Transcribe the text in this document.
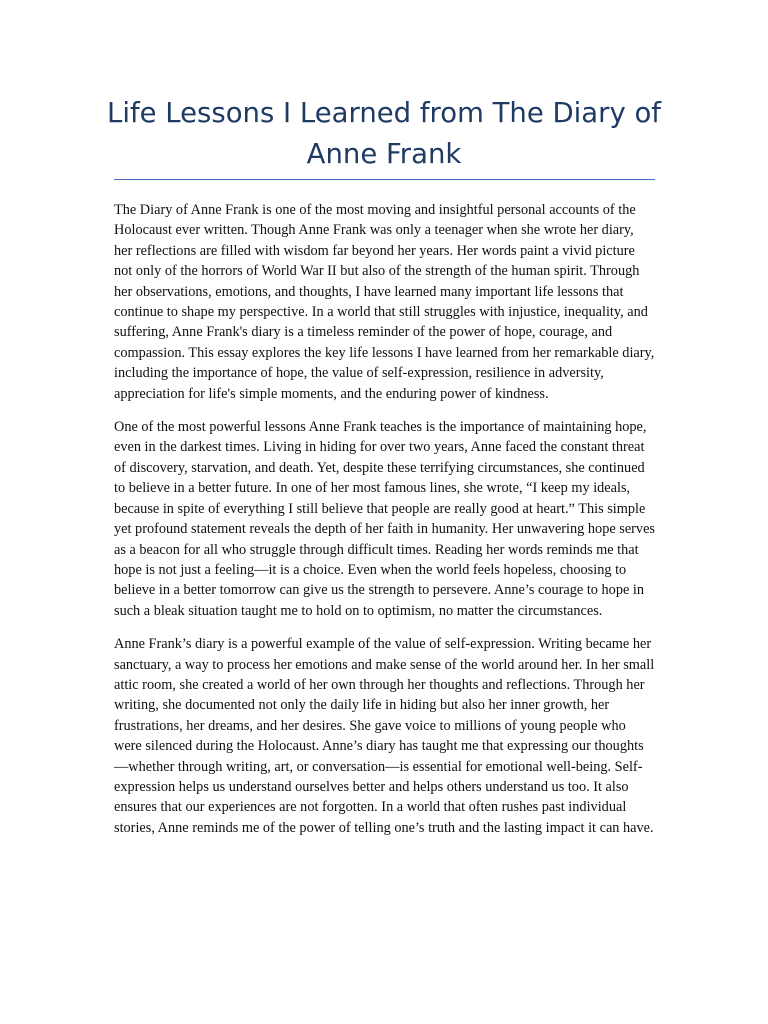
Life Lessons I Learned from The Diary of Anne Frank

The Diary of Anne Frank is one of the most moving and insightful personal accounts of the Holocaust ever written. Though Anne Frank was only a teenager when she wrote her diary, her reflections are filled with wisdom far beyond her years. Her words paint a vivid picture not only of the horrors of World War II but also of the strength of the human spirit. Through her observations, emotions, and thoughts, I have learned many important life lessons that continue to shape my perspective. In a world that still struggles with injustice, inequality, and suffering, Anne Frank's diary is a timeless reminder of the power of hope, courage, and compassion. This essay explores the key life lessons I have learned from her remarkable diary, including the importance of hope, the value of self-expression, resilience in adversity, appreciation for life's simple moments, and the enduring power of kindness.

One of the most powerful lessons Anne Frank teaches is the importance of maintaining hope, even in the darkest times. Living in hiding for over two years, Anne faced the constant threat of discovery, starvation, and death. Yet, despite these terrifying circumstances, she continued to believe in a better future. In one of her most famous lines, she wrote, “I keep my ideals, because in spite of everything I still believe that people are really good at heart.” This simple yet profound statement reveals the depth of her faith in humanity. Her unwavering hope serves as a beacon for all who struggle through difficult times. Reading her words reminds me that hope is not just a feeling—it is a choice. Even when the world feels hopeless, choosing to believe in a better tomorrow can give us the strength to persevere. Anne’s courage to hope in such a bleak situation taught me to hold on to optimism, no matter the circumstances.

Anne Frank’s diary is a powerful example of the value of self-expression. Writing became her sanctuary, a way to process her emotions and make sense of the world around her. In her small attic room, she created a world of her own through her thoughts and reflections. Through her writing, she documented not only the daily life in hiding but also her inner growth, her frustrations, her dreams, and her desires. She gave voice to millions of young people who were silenced during the Holocaust. Anne’s diary has taught me that expressing our thoughts—whether through writing, art, or conversation—is essential for emotional well-being. Self-expression helps us understand ourselves better and helps others understand us too. It also ensures that our experiences are not forgotten. In a world that often rushes past individual stories, Anne reminds me of the power of telling one’s truth and the lasting impact it can have.
